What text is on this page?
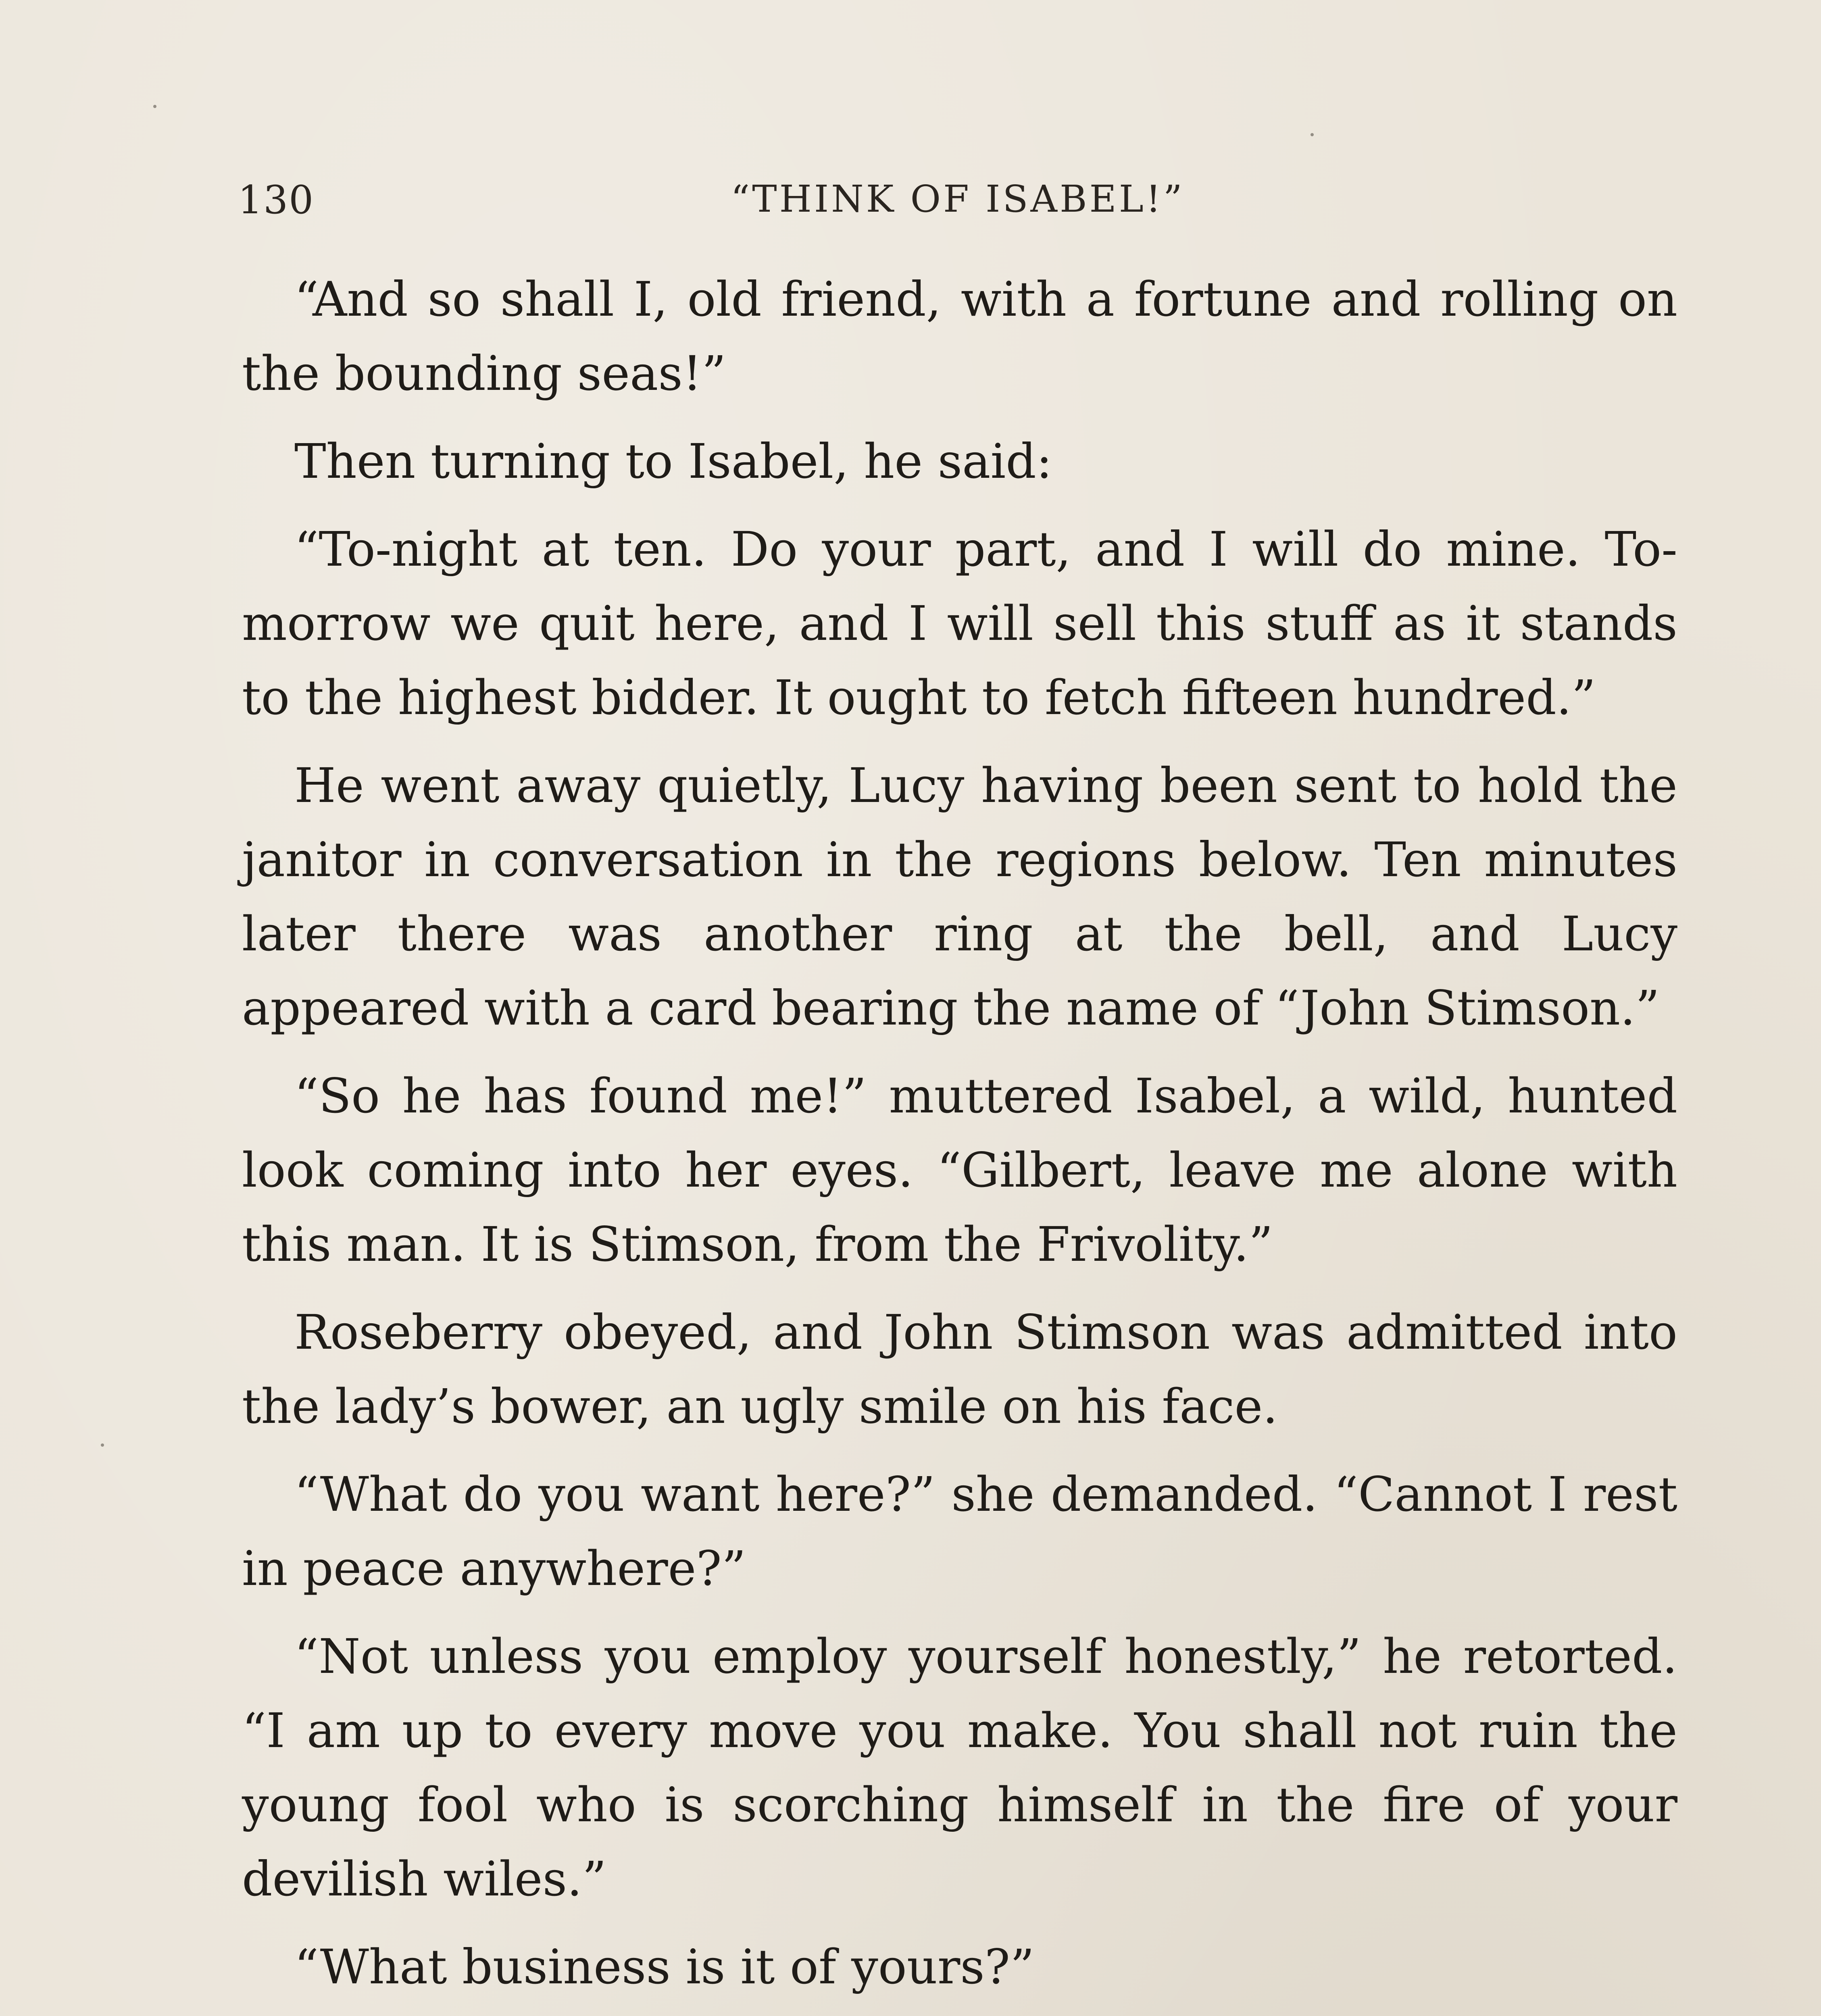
130	“THINK OF ISABEL!”

“And so shall I, old friend, with a fortune and rolling on the bounding seas!”

Then turning to Isabel, he said:

“To-night at ten. Do your part, and I will do mine. To-morrow we quit here, and I will sell this stuff as it stands to the highest bidder. It ought to fetch fifteen hundred.”

He went away quietly, Lucy having been sent to hold the janitor in conversation in the regions below. Ten minutes later there was another ring at the bell, and Lucy appeared with a card bearing the name of “John Stimson.”

“So he has found me!” muttered Isabel, a wild, hunted look coming into her eyes. “Gilbert, leave me alone with this man. It is Stimson, from the Frivolity.”

Roseberry obeyed, and John Stimson was admitted into the lady’s bower, an ugly smile on his face.

“What do you want here?” she demanded. “Cannot I rest in peace anywhere?”

“Not unless you employ yourself honestly,” he retorted. “I am up to every move you make. You shall not ruin the young fool who is scorching himself in the fire of your devilish wiles.”

“What business is it of yours?”
